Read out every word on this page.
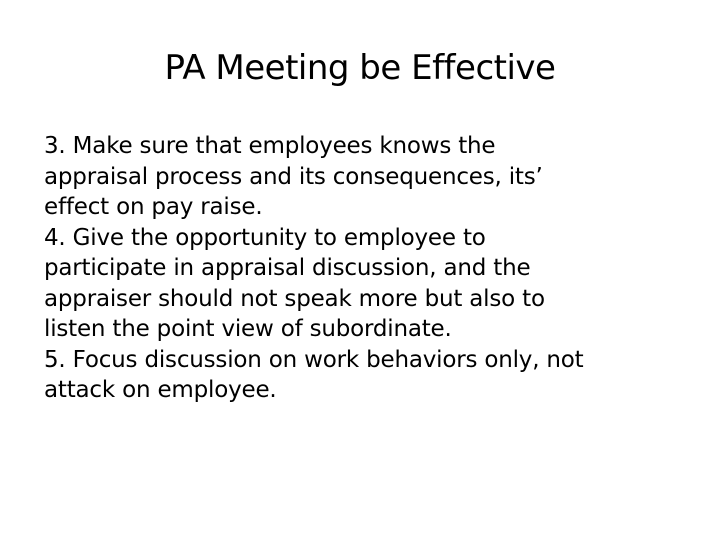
PA Meeting be Effective
3. Make sure that employees knows the
appraisal process and its consequences, its’
effect on pay raise.
4. Give the opportunity to employee to
participate in appraisal discussion, and the
appraiser should not speak more but also to
listen the point view of subordinate.
5. Focus discussion on work behaviors only, not
attack on employee.
